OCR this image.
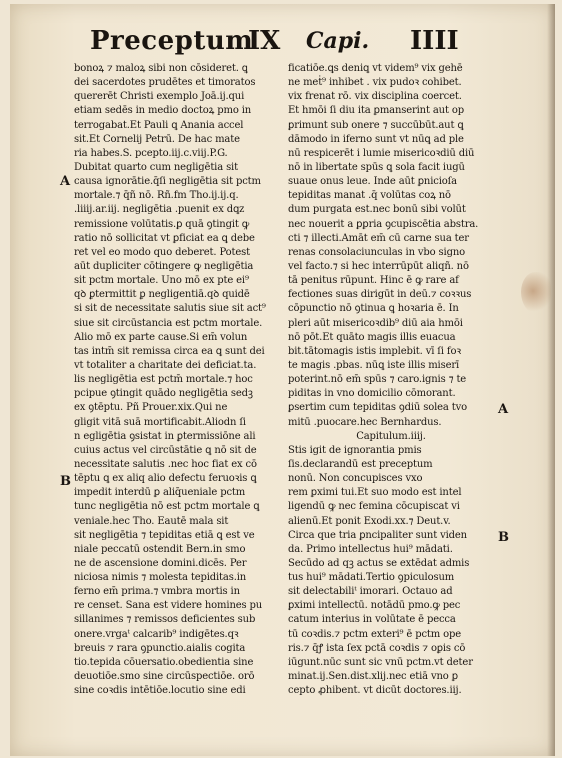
Preceptum
IX Capi. IIII
bonoꝝ ⁊ maloꝝ sibi non cōsideret. ꝗ
dei sacerdotes prudētes et timoratos
quererēt Christi exemplo Joā.ij.qui
etiam sedēs in medio doctoꝝ pmo in
terrogabat.Et Pauli ꝗ Anania accel
sit.Et Cornelij Petrū. De hac mate
ria habes.S. pcepto.iij.c.viij.P.G.
Dubitat quarto cum negligētia sit
causa ignorātie.q̄ſi negligētia sit pctm
mortale.⁊ q̄ñ nō. Rñ.fm Tho.ij.ij.q.
.liiij.ar.iij. negligētia .puenit ex dꝗz
remissione volūtatis.ꝑ quā ꝯtingit ꝙ
ratio nō sollicitat vt ꝑficiat ea ꝗ debe
ret vel eo modo quo deberet. Potest
aūt dupliciter cōtingere ꝙ negligētia
sit pctm mortale. Uno mō ex pte ei⁹
qꝺ ꝑtermittit ꝑ negligentiā.qꝺ quidē
si sit de necessitate salutis siue sit act⁹
siue sit circūstancia est pctm mortale.
Alio mō ex parte cause.Si em̄ volun
tas intm̄ sit remissa circa ea ꝗ sunt dei
vt totaliter a charitate dei deficiat.ta.
lis negligētia est pctm̄ mortale.⁊ hoc
pcipue ꝯtingit quādo negligētia sedꝫ
ex ꝯtēptu. Pñ Prouer.xix.Qui ne
gligit vitā suā mortificabit.Aliodn ſi
n egligētia ꝯsistat in ꝑtermissiōne ali
cuius actus vel circūstātie ꝗ nō sit de
necessitate salutis .nec hoc fiat ex cō
tēptu ꝗ ex aliq alio defectu feruoꝛis ꝗ
impedit interdū ꝑ aliq̄ueniale pctm
tunc negligētia nō est pctm mortale ꝗ
veniale.hec Tho. Eautē mala sit
sit negligētia ⁊ tepiditas etiā ꝗ est ve
niale peccatū ostendit Bern.in smo
ne de ascensione domini.dicēs. Per
niciosa nimis ⁊ molesta tepiditas.in
ferno em̄ prima.⁊ vmbra mortis in
re censet. Sana est videre homines pu
sillanimes ⁊ remissos deficientes sub
onere.vrgaᵗ calcarib⁹ indigētes.qꝛ
breuis ⁊ rara ꝯpunctio.aialis cogita
tio.tepida cōuersatio.obedientia sine
deuotiōe.smo sine circūspectiōe. orō
sine coꝛdis intētiōe.locutio sine edi
ficatiōe.ꝗs deniꝗ vt videm⁹ vix gehē
ne meṫ⁹ inhibet . vix pudoꝛ cohibet.
vix frenat rō. vix disciplina coercet.
Et hmōi ſi diu ita ꝑmanserint aut op
ꝑrimunt sub onere ⁊ succūbūt.aut ꝗ
dāmodo in iferno sunt vt nūꝗ ad ple
nū respicerēt i lumie misericoꝛdiū diū
nō in libertate spūs ꝗ sola facit iugū
suaue onus leue. Inde aūt ꝑnicioſa
tepiditas manat .q̄ volūtas coꝝ nō
dum purgata est.nec bonū sibi volūt
nec nouerit a ꝑꝑria ꝯcupiscētia abstra.
cti ⁊ illecti.Amāt em̄ cū carne sua ter
renas consolaciunculas in vbo signo
vel facto.⁊ si hec interrūpūt aliqñ. nō
tā penitus rūpunt. Hinc ē ꝙ rare af
fectiones suas dirigūt in deū.⁊ coꝛꝛus
cōpunctio nō ꝯtinua ꝗ hoꝛaria ē. In
pleri aūt misericoꝛdib⁹ diū aia hmōi
nō pōt.Et quāto magis illis euacua
bit.tātomagis istis implebit. vī ſi foꝛ
te magis .pbas. nūꝗ iste illis miserī
poterint.nō em̄ spūs ⁊ caro.ignis ⁊ te
piditas in vno domicilio cōmorant.
ꝑsertim cum tepiditas ꝯdiū solea tvo
mitū .puocare.hec Bernhardus.
Capitulum.iiij.
Stis igit de ignorantia pmis
ſis.declarandū est preceptum
nonū. Non concupisces vxo
rem ꝑximi tui.Et suo modo est intel
ligendū ꝙ nec femina cōcupiscat vi
alienū.Et ponit Exodi.xx.⁊ Deut.v.
Circa que tria ꝑncipaliter sunt viden
da. Primo intellectus hui⁹ mādati.
Secūdo ad qꝫ actus se extēdat admis
tus hui⁹ mādati.Tertio ꝯpiculosum
sit delectabiliᵗ imorari. Octauo ad
ꝑximi intellectū. notādū pmo.ꝙ pec
catum interius in volūtate ē pecca
tū coꝛdis.⁊ pctm exteri⁹ ē pctm ope
ris.⁊ q̄ꝭ ista ſex pctā coꝛdis ⁊ oꝑis cō
iūgunt.nūc sunt sic vnū pctm.vt deter
minat.ij.Sen.dist.xlij.nec etiā vno ꝑ
cepto ꝓhibent. vt dicūt doctores.iij.
A
B
A
B
